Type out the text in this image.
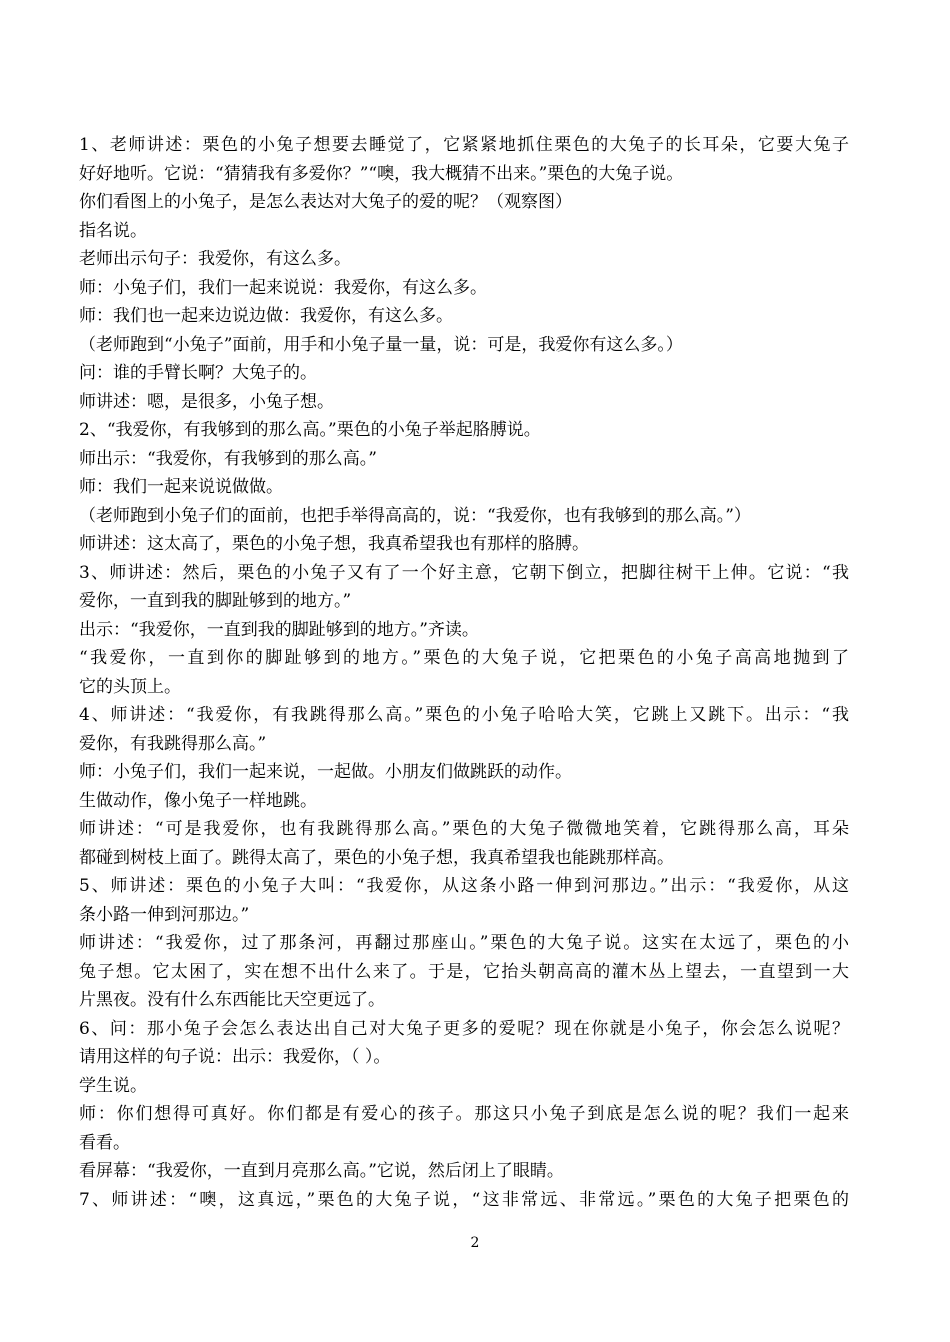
1、老师讲述：栗色的小兔子想要去睡觉了，它紧紧地抓住栗色的大兔子的长耳朵，它要大兔子
好好地听。它说：“猜猜我有多爱你？”“噢，我大概猜不出来。”栗色的大兔子说。
你们看图上的小兔子，是怎么表达对大兔子的爱的呢？（观察图）
指名说。
老师出示句子：我爱你，有这么多。
师：小兔子们，我们一起来说说：我爱你，有这么多。
师：我们也一起来边说边做：我爱你，有这么多。
（老师跑到“小兔子”面前，用手和小兔子量一量，说：可是，我爱你有这么多。）
问：谁的手臂长啊？大兔子的。
师讲述：嗯，是很多，小兔子想。
2、“我爱你，有我够到的那么高。”栗色的小兔子举起胳膊说。
师出示：“我爱你，有我够到的那么高。”
师：我们一起来说说做做。
（老师跑到小兔子们的面前，也把手举得高高的，说：“我爱你，也有我够到的那么高。”）
师讲述：这太高了，栗色的小兔子想，我真希望我也有那样的胳膊。
3、师讲述：然后，栗色的小兔子又有了一个好主意，它朝下倒立，把脚往树干上伸。它说：“我
爱你，一直到我的脚趾够到的地方。”
出示：“我爱你，一直到我的脚趾够到的地方。”齐读。
“我爱你，一直到你的脚趾够到的地方。”栗色的大兔子说，它把栗色的小兔子高高地抛到了
它的头顶上。
4、师讲述：“我爱你，有我跳得那么高。”栗色的小兔子哈哈大笑，它跳上又跳下。出示：“我
爱你，有我跳得那么高。”
师：小兔子们，我们一起来说，一起做。小朋友们做跳跃的动作。
生做动作，像小兔子一样地跳。
师讲述：“可是我爱你，也有我跳得那么高。”栗色的大兔子微微地笑着，它跳得那么高，耳朵
都碰到树枝上面了。跳得太高了，栗色的小兔子想，我真希望我也能跳那样高。
5、师讲述：栗色的小兔子大叫：“我爱你，从这条小路一伸到河那边。”出示：“我爱你，从这
条小路一伸到河那边。”
师讲述：“我爱你，过了那条河，再翻过那座山。”栗色的大兔子说。这实在太远了，栗色的小
兔子想。它太困了，实在想不出什么来了。于是，它抬头朝高高的灌木丛上望去，一直望到一大
片黑夜。没有什么东西能比天空更远了。
6、问：那小兔子会怎么表达出自己对大兔子更多的爱呢？现在你就是小兔子，你会怎么说呢？
请用这样的句子说：出示：我爱你，（ ）。
学生说。
师：你们想得可真好。你们都是有爱心的孩子。那这只小兔子到底是怎么说的呢？我们一起来
看看。
看屏幕：“我爱你，一直到月亮那么高。”它说，然后闭上了眼睛。
7、师讲述：“噢，这真远，”栗色的大兔子说，“这非常远、非常远。”栗色的大兔子把栗色的
2
